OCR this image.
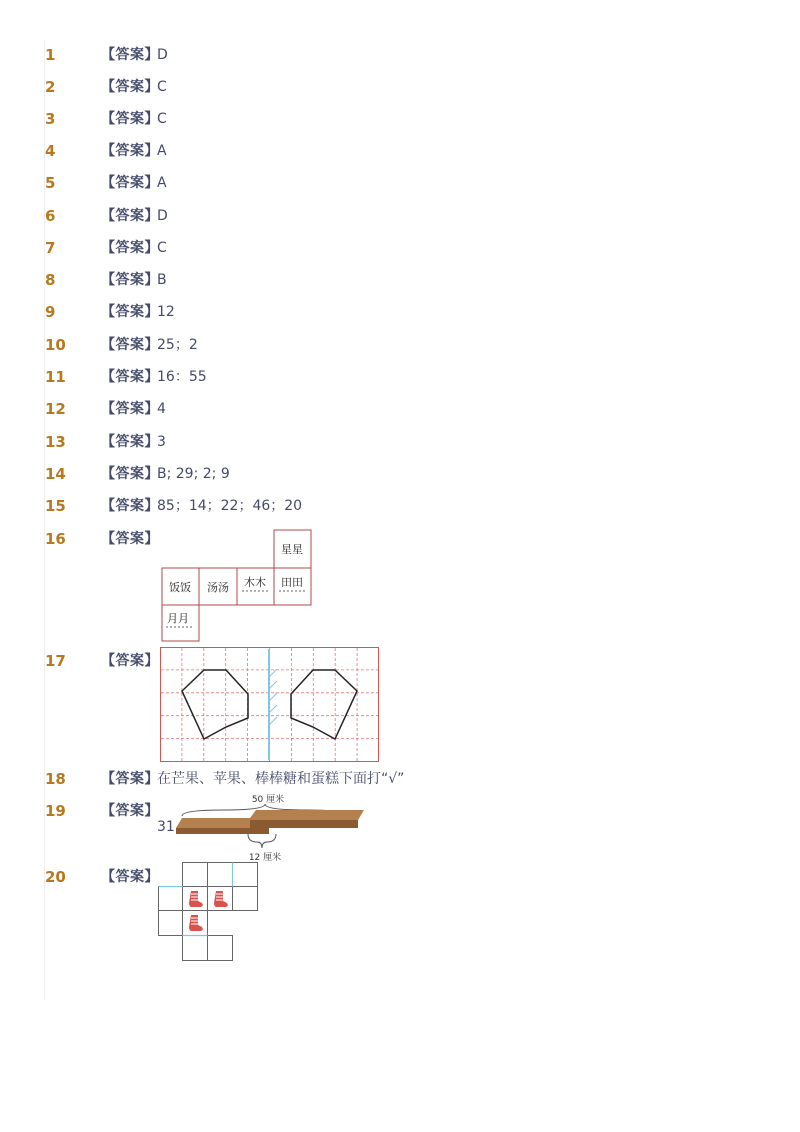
1	【答案】
D
2	【答案】
C
3	【答案】
C
4	【答案】
A
5	【答案】
A
6	【答案】
D
7	【答案】
C
8	【答案】
B
9	【答案】
12
10	【答案】
25；2
11	【答案】
16：55
12	【答案】
4
13	【答案】
3
14	【答案】
B; 29; 2; 9
15	【答案】
85；14；22；46；20
16	【答案】
17	【答案】
18	【答案】
在芒果、苹果、棒棒糖和蛋糕下面打“√”
19	【答案】
31
20	【答案】
星星
饭饭 汤汤 木木 田田
月月
50 厘米
12 厘米
